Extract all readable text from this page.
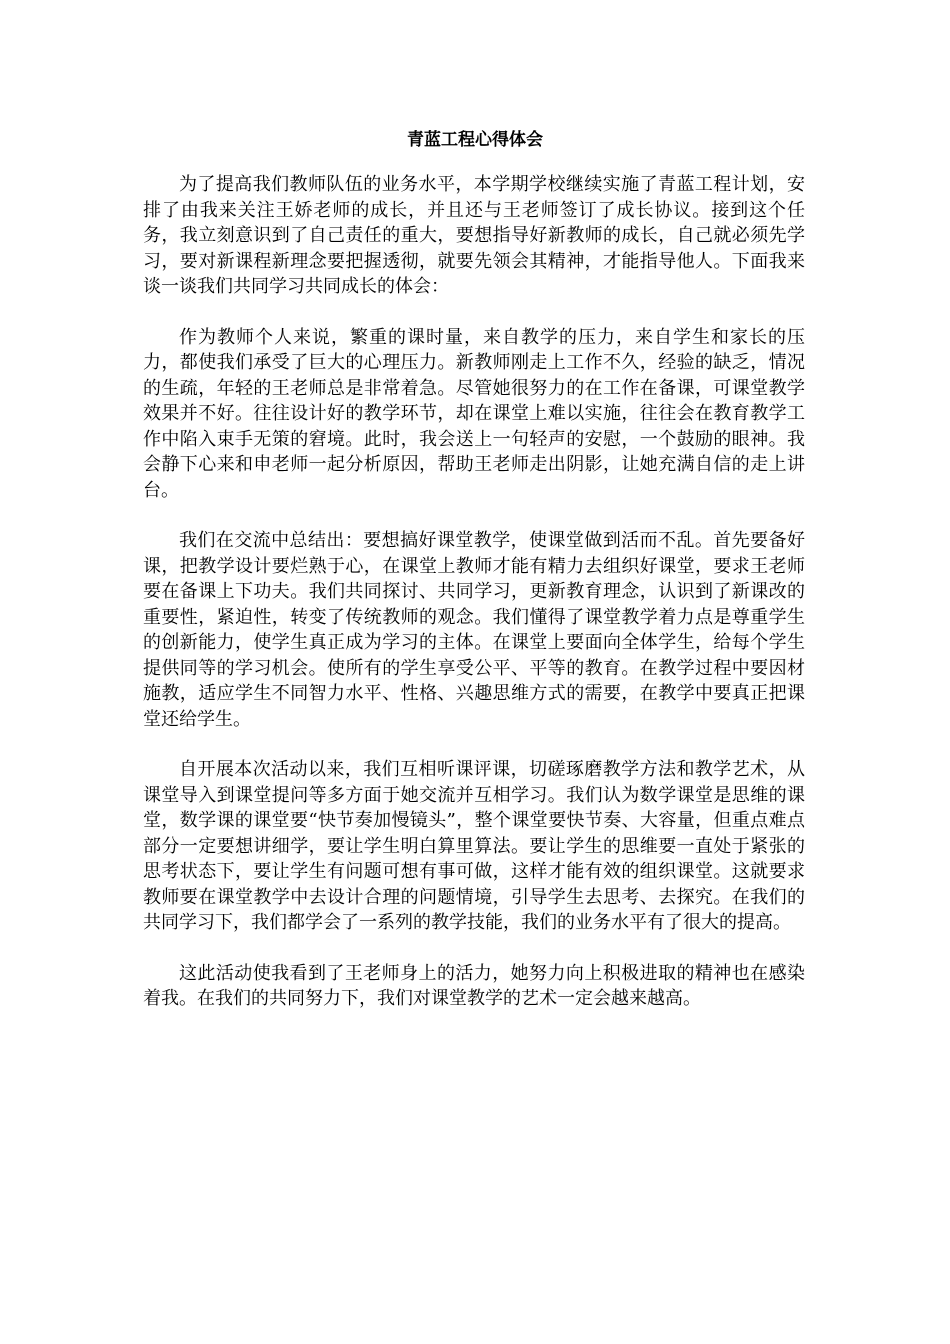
青蓝工程心得体会

为了提高我们教师队伍的业务水平，本学期学校继续实施了青蓝工程计划，安排了由我来关注王娇老师的成长，并且还与王老师签订了成长协议。接到这个任务，我立刻意识到了自己责任的重大，要想指导好新教师的成长，自己就必须先学习，要对新课程新理念要把握透彻，就要先领会其精神，才能指导他人。下面我来谈一谈我们共同学习共同成长的体会：

作为教师个人来说，繁重的课时量，来自教学的压力，来自学生和家长的压力，都使我们承受了巨大的心理压力。新教师刚走上工作不久，经验的缺乏，情况的生疏，年轻的王老师总是非常着急。尽管她很努力的在工作在备课，可课堂教学效果并不好。往往设计好的教学环节，却在课堂上难以实施，往往会在教育教学工作中陷入束手无策的窘境。此时，我会送上一句轻声的安慰，一个鼓励的眼神。我会静下心来和申老师一起分析原因，帮助王老师走出阴影，让她充满自信的走上讲台。

我们在交流中总结出：要想搞好课堂教学，使课堂做到活而不乱。首先要备好课，把教学设计要烂熟于心，在课堂上教师才能有精力去组织好课堂，要求王老师要在备课上下功夫。我们共同探讨、共同学习，更新教育理念，认识到了新课改的重要性，紧迫性，转变了传统教师的观念。我们懂得了课堂教学着力点是尊重学生的创新能力，使学生真正成为学习的主体。在课堂上要面向全体学生，给每个学生提供同等的学习机会。使所有的学生享受公平、平等的教育。在教学过程中要因材施教，适应学生不同智力水平、性格、兴趣思维方式的需要，在教学中要真正把课堂还给学生。

自开展本次活动以来，我们互相听课评课，切磋琢磨教学方法和教学艺术，从课堂导入到课堂提问等多方面于她交流并互相学习。我们认为数学课堂是思维的课堂，数学课的课堂要“快节奏加慢镜头”，整个课堂要快节奏、大容量，但重点难点部分一定要想讲细学，要让学生明白算里算法。要让学生的思维要一直处于紧张的思考状态下，要让学生有问题可想有事可做，这样才能有效的组织课堂。这就要求教师要在课堂教学中去设计合理的问题情境，引导学生去思考、去探究。在我们的共同学习下，我们都学会了一系列的教学技能，我们的业务水平有了很大的提高。

这此活动使我看到了王老师身上的活力，她努力向上积极进取的精神也在感染着我。在我们的共同努力下，我们对课堂教学的艺术一定会越来越高。
